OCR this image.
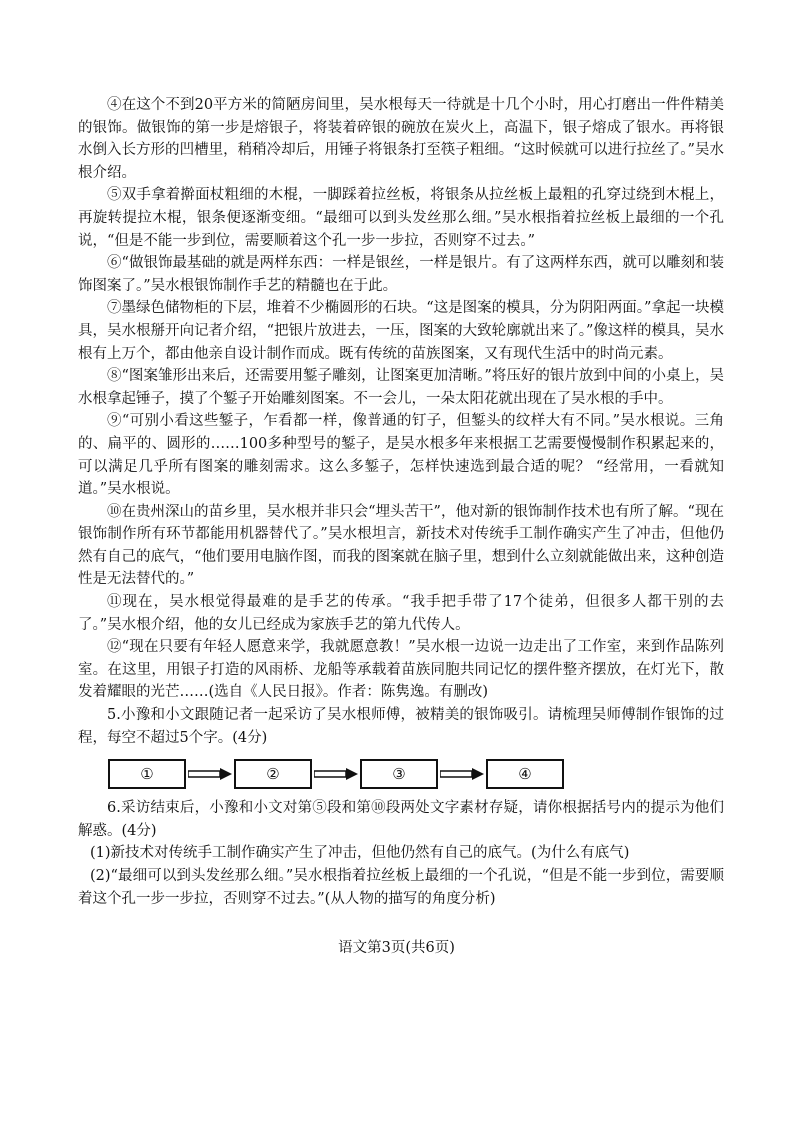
④在这个不到20平方米的简陋房间里，吴水根每天一待就是十几个小时，用心打磨出一件件精美的银饰。做银饰的第一步是熔银子，将装着碎银的碗放在炭火上，高温下，银子熔成了银水。再将银水倒入长方形的凹槽里，稍稍冷却后，用锤子将银条打至筷子粗细。“这时候就可以进行拉丝了。”吴水根介绍。

⑤双手拿着擀面杖粗细的木棍，一脚踩着拉丝板，将银条从拉丝板上最粗的孔穿过绕到木棍上，再旋转提拉木棍，银条便逐渐变细。“最细可以到头发丝那么细。”吴水根指着拉丝板上最细的一个孔说，“但是不能一步到位，需要顺着这个孔一步一步拉，否则穿不过去。”

⑥“做银饰最基础的就是两样东西：一样是银丝，一样是银片。有了这两样东西，就可以雕刻和装饰图案了。”吴水根银饰制作手艺的精髓也在于此。

⑦墨绿色储物柜的下层，堆着不少椭圆形的石块。“这是图案的模具，分为阴阳两面。”拿起一块模具，吴水根掰开向记者介绍，“把银片放进去，一压，图案的大致轮廓就出来了。”像这样的模具，吴水根有上万个，都由他亲自设计制作而成。既有传统的苗族图案，又有现代生活中的时尚元素。

⑧“图案雏形出来后，还需要用錾子雕刻，让图案更加清晰。”将压好的银片放到中间的小桌上，吴水根拿起锤子，摸了个錾子开始雕刻图案。不一会儿，一朵太阳花就出现在了吴水根的手中。

⑨“可别小看这些錾子，乍看都一样，像普通的钉子，但錾头的纹样大有不同。”吴水根说。三角的、扁平的、圆形的……100多种型号的錾子，是吴水根多年来根据工艺需要慢慢制作积累起来的，可以满足几乎所有图案的雕刻需求。这么多錾子，怎样快速选到最合适的呢？ “经常用，一看就知道。”吴水根说。

⑩在贵州深山的苗乡里，吴水根并非只会“埋头苦干”，他对新的银饰制作技术也有所了解。“现在银饰制作所有环节都能用机器替代了。”吴水根坦言，新技术对传统手工制作确实产生了冲击，但他仍然有自己的底气，“他们要用电脑作图，而我的图案就在脑子里，想到什么立刻就能做出来，这种创造性是无法替代的。”

⑪现在，吴水根觉得最难的是手艺的传承。“我手把手带了17个徒弟，但很多人都干别的去了。”吴水根介绍，他的女儿已经成为家族手艺的第九代传人。

⑫“现在只要有年轻人愿意来学，我就愿意教！”吴水根一边说一边走出了工作室，来到作品陈列室。在这里，用银子打造的风雨桥、龙船等承载着苗族同胞共同记忆的摆件整齐摆放，在灯光下，散发着耀眼的光芒……(选自《人民日报》。作者：陈隽逸。有删改)

5.小豫和小文跟随记者一起采访了吴水根师傅，被精美的银饰吸引。请梳理吴师傅制作银饰的过程，每空不超过5个字。(4分)

①	②	③	④

6.采访结束后，小豫和小文对第⑤段和第⑩段两处文字素材存疑，请你根据括号内的提示为他们解惑。(4分)

(1)新技术对传统手工制作确实产生了冲击，但他仍然有自己的底气。(为什么有底气)

(2)“最细可以到头发丝那么细。”吴水根指着拉丝板上最细的一个孔说，“但是不能一步到位，需要顺着这个孔一步一步拉，否则穿不过去。”(从人物的描写的角度分析)

语文第3页(共6页)
